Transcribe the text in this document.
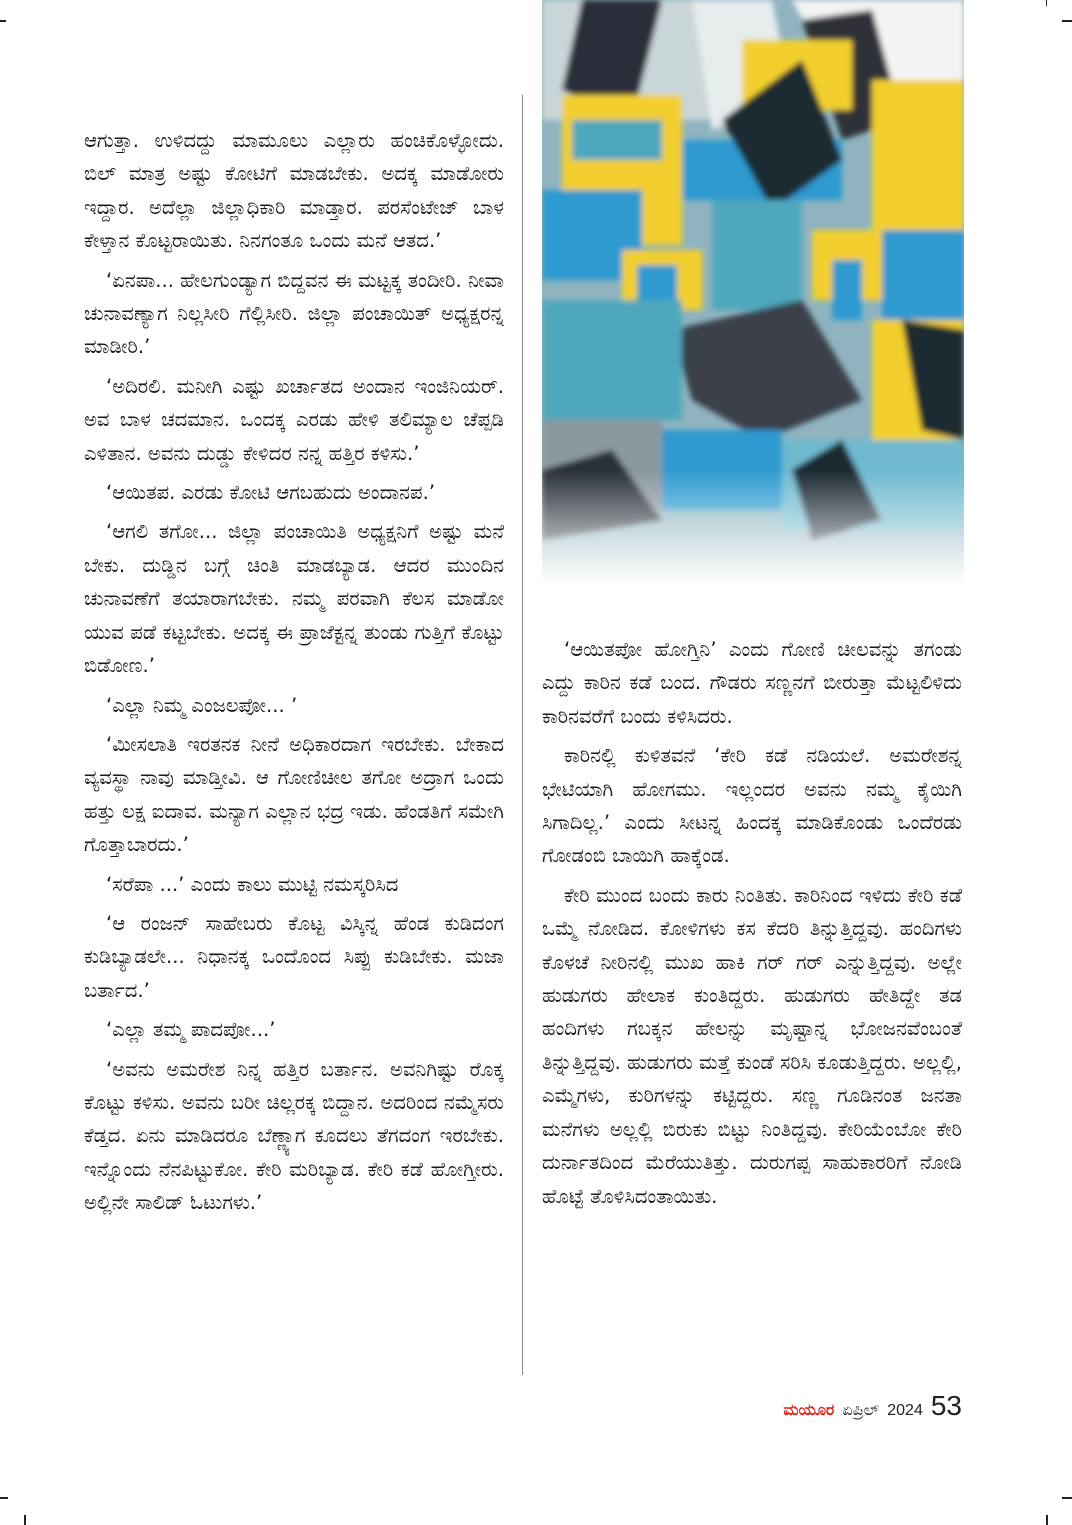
ಆಗುತ್ತಾ. ಉಳಿದದ್ದು ಮಾಮೂಲು ಎಲ್ಲಾರು ಹಂಚಿಕೊಳ್ಳೋದು. ಬಿಲ್ ಮಾತ್ರ ಅಷ್ಟು ಕೋಟಿಗೆ ಮಾಡಬೇಕು. ಅದಕ್ಕ ಮಾಡೋರು ಇದ್ದಾರ. ಅದೆಲ್ಲಾ ಜಿಲ್ಲಾಧಿಕಾರಿ ಮಾಡ್ತಾರ. ಪರಸೆಂಟೇಜ್ ಬಾಳ ಕೇಳ್ತಾನ ಕೊಟ್ಟರಾಯಿತು. ನಿನಗಂತೂ ಒಂದು ಮನೆ ಆತದ.’

‘ಏನಪಾ... ಹೇಲಗುಂಡ್ಯಾಗ ಬಿದ್ದವನ ಈ ಮಟ್ಟಕ್ಕ ತಂದೀರಿ. ನೀವಾ ಚುನಾವಣ್ಯಾಗ ನಿಲ್ಲಸೀರಿ ಗೆಲ್ಲಿಸೀರಿ. ಜಿಲ್ಲಾ ಪಂಚಾಯಿತ್ ಅಧ್ಯಕ್ಷರನ್ನ ಮಾಡೀರಿ.’

‘ಅದಿರಲಿ. ಮನೀಗಿ ಎಷ್ಟು ಖರ್ಚಾತದ ಅಂದಾನ ಇಂಜಿನಿಯರ್. ಅವ ಬಾಳ ಚದಮಾನ. ಒಂದಕ್ಕ ಎರಡು ಹೇಳಿ ತಲಿಮ್ಯಾಲ ಚೆಪ್ಪಡಿ ಎಳಿತಾನ. ಅವನು ದುಡ್ಡು ಕೇಳಿದರ ನನ್ನ ಹತ್ತಿರ ಕಳಿಸು.’

‘ಆಯಿತಪ. ಎರಡು ಕೋಟಿ ಆಗಬಹುದು ಅಂದಾನಪ.’

‘ಆಗಲಿ ತಗೋ... ಜಿಲ್ಲಾ ಪಂಚಾಯಿತಿ ಅಧ್ಯಕ್ಷನಿಗೆ ಅಷ್ಟು ಮನೆ ಬೇಕು. ದುಡ್ಡಿನ ಬಗ್ಗೆ ಚಿಂತಿ ಮಾಡಬ್ಯಾಡ. ಆದರ ಮುಂದಿನ ಚುನಾವಣೆಗೆ ತಯಾರಾಗಬೇಕು. ನಮ್ಮ ಪರವಾಗಿ ಕೆಲಸ ಮಾಡೋ ಯುವ ಪಡೆ ಕಟ್ಟಬೇಕು. ಅದಕ್ಕ ಈ ಪ್ರಾಜೆಕ್ಟನ್ನ ತುಂಡು ಗುತ್ತಿಗೆ ಕೊಟ್ಟು ಬಿಡೋಣ.’

‘ಎಲ್ಲಾ ನಿಮ್ಮ ಎಂಜಲಪೋ... ’

‘ಮೀಸಲಾತಿ ಇರತನಕ ನೀನೆ ಅಧಿಕಾರದಾಗ ಇರಬೇಕು. ಬೇಕಾದ ವ್ಯವಸ್ಥಾ ನಾವು ಮಾಡ್ತೀವಿ. ಆ ಗೋಣಿಚೀಲ ತಗೋ ಅದ್ರಾಗ ಒಂದು ಹತ್ತು ಲಕ್ಷ ಐದಾವ. ಮನ್ಯಾಗ ಎಲ್ಲಾನ ಭದ್ರ ಇಡು. ಹೆಂಡತಿಗೆ ಸಮೇಗಿ ಗೊತ್ತಾಬಾರದು.’

‘ಸರೆಪಾ ...’ ಎಂದು ಕಾಲು ಮುಟ್ಟಿ ನಮಸ್ಕರಿಸಿದ

‘ಆ ರಂಜನ್ ಸಾಹೇಬರು ಕೊಟ್ಟ ವಿಸ್ಕಿನ್ನ ಹೆಂಡ ಕುಡಿದಂಗ ಕುಡಿಬ್ಯಾಡಲೇ... ನಿಧಾನಕ್ಕ ಒಂದೊಂದ ಸಿಪ್ಪು ಕುಡಿಬೇಕು. ಮಜಾ ಬರ್ತಾದ.’

‘ಎಲ್ಲಾ ತಮ್ಮ ಪಾದಪೋ...’

‘ಅವನು ಅಮರೇಶ ನಿನ್ನ ಹತ್ತಿರ ಬರ್ತಾನ. ಅವನಿಗಿಷ್ಟು ರೊಕ್ಕ ಕೊಟ್ಟು ಕಳಿಸು. ಅವನು ಬರೀ ಚಿಲ್ಲರಕ್ಕ ಬಿದ್ದಾನ. ಅದರಿಂದ ನಮ್ಮೆಸರು ಕೆಡ್ತದ. ಏನು ಮಾಡಿದರೂ ಬೆಣ್ಣ್ಯಾಗ ಕೂದಲು ತೆಗದಂಗ ಇರಬೇಕು. ಇನ್ನೊಂದು ನೆನಪಿಟ್ಟುಕೋ. ಕೇರಿ ಮರಿಬ್ಯಾಡ. ಕೇರಿ ಕಡೆ ಹೋಗ್ತೀರು. ಅಲ್ಲಿನೇ ಸಾಲಿಡ್ ಓಟುಗಳು.’

‘ಆಯಿತಪೋ ಹೋಗ್ತಿನಿ’ ಎಂದು ಗೋಣಿ ಚೀಲವನ್ನು ತಗಂಡು ಎದ್ದು ಕಾರಿನ ಕಡೆ ಬಂದ. ಗೌಡರು ಸಣ್ಣನಗೆ ಬೀರುತ್ತಾ ಮೆಟ್ಟಲಿಳಿದು ಕಾರಿನವರೆಗೆ ಬಂದು ಕಳಿಸಿದರು.

ಕಾರಿನಲ್ಲಿ ಕುಳಿತವನೆ ‘ಕೇರಿ ಕಡೆ ನಡಿಯಲೆ. ಅಮರೇಶನ್ನ ಭೇಟಿಯಾಗಿ ಹೋಗಮು. ಇಲ್ಲಂದರ ಅವನು ನಮ್ಮ ಕೈಯಿಗಿ ಸಿಗಾದಿಲ್ಲ.’ ಎಂದು ಸೀಟನ್ನ ಹಿಂದಕ್ಕ ಮಾಡಿಕೊಂಡು ಒಂದೆರಡು ಗೋಡಂಬಿ ಬಾಯಿಗಿ ಹಾಕ್ಕೆಂಡ.

ಕೇರಿ ಮುಂದ ಬಂದು ಕಾರು ನಿಂತಿತು. ಕಾರಿನಿಂದ ಇಳಿದು ಕೇರಿ ಕಡೆ ಒಮ್ಮೆ ನೋಡಿದ. ಕೋಳಿಗಳು ಕಸ ಕೆದರಿ ತಿನ್ನುತ್ತಿದ್ದವು. ಹಂದಿಗಳು ಕೊಳಚೆ ನೀರಿನಲ್ಲಿ ಮುಖ ಹಾಕಿ ಗರ್ ಗರ್ ಎನ್ನುತ್ತಿದ್ದವು. ಅಲ್ಲೇ ಹುಡುಗರು ಹೇಲಾಕ ಕುಂತಿದ್ದರು. ಹುಡುಗರು ಹೇತಿದ್ದೇ ತಡ ಹಂದಿಗಳು ಗಬಕ್ಕನ ಹೇಲನ್ನು ಮೃಷ್ಟಾನ್ನ ಭೋಜನವೆಂಬಂತೆ ತಿನ್ನುತ್ತಿದ್ದವು. ಹುಡುಗರು ಮತ್ತೆ ಕುಂಡೆ ಸರಿಸಿ ಕೂಡುತ್ತಿದ್ದರು. ಅಲ್ಲಲ್ಲಿ, ಎಮ್ಮೆಗಳು, ಕುರಿಗಳನ್ನು ಕಟ್ಟಿದ್ದರು. ಸಣ್ಣ ಗೂಡಿನಂತ ಜನತಾ ಮನೆಗಳು ಅಲ್ಲಲ್ಲಿ ಬಿರುಕು ಬಿಟ್ಟು ನಿಂತಿದ್ದವು. ಕೇರಿಯೆಂಬೋ ಕೇರಿ ದುರ್ನಾತದಿಂದ ಮೆರೆಯುತಿತ್ತು. ದುರುಗಪ್ಪ ಸಾಹುಕಾರರಿಗೆ ನೋಡಿ ಹೊಟ್ಟೆ ತೊಳಿಸಿದಂತಾಯಿತು.

ಮಯೂರ ಏಪ್ರಿಲ್ 2024 53
